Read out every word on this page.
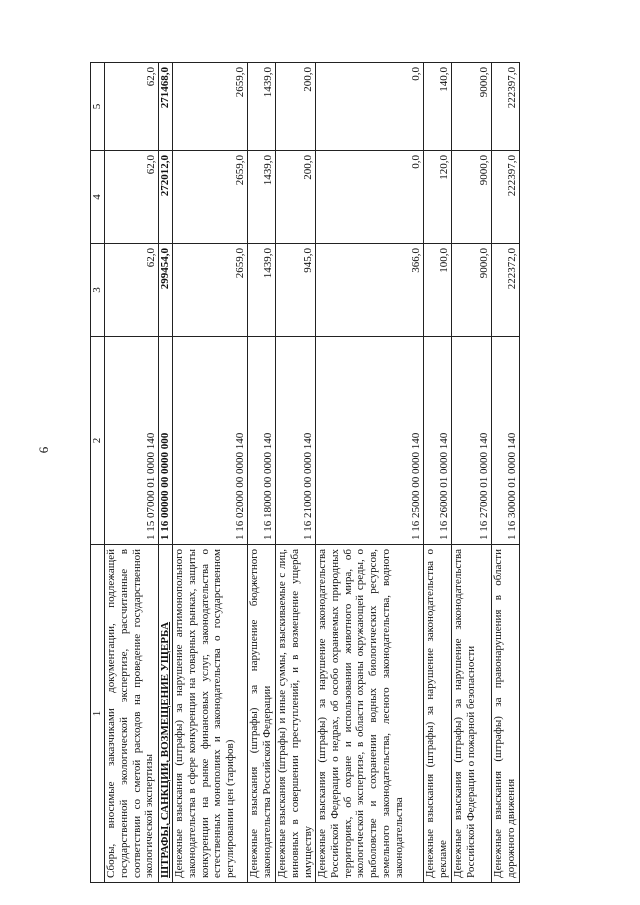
6
1	2	3	4	5
Сборы, вносимые заказчиками документации, подлежащей государственной экологической экспертизе, рассчитанные в соответствии со сметой расходов на проведение государственной экологической экспертизы	1 15 07000 01 0000 140	62,0	62,0	62,0
ШТРАФЫ, САНКЦИИ, ВОЗМЕЩЕНИЕ УЩЕРБА	1 16 00000 00 0000 000	299454,0	272012,0	271468,0
Денежные взыскания (штрафы) за нарушение антимонопольного законодательства в сфере конкуренции на товарных рынках, защиты конкуренции на рынке финансовых услуг, законодательства о естественных монополиях и законодательства о государственном регулировании цен (тарифов)	1 16 02000 00 0000 140	2659,0	2659,0	2659,0
Денежные взыскания (штрафы) за нарушение бюджетного законодательства Российской Федерации	1 16 18000 00 0000 140	1439,0	1439,0	1439,0
Денежные взыскания (штрафы) и иные суммы, взыскиваемые с лиц, виновных в совершении преступлений, и в возмещение ущерба имуществу	1 16 21000 00 0000 140	945,0	200,0	200,0
Денежные взыскания (штрафы) за нарушение законодательства Российской Федерации о недрах, об особо охраняемых природных территориях, об охране и использовании животного мира, об экологической экспертизе, в области охраны окружающей среды, о рыболовстве и сохранении водных биологических ресурсов, земельного законодательства, лесного законодательства, водного законодательства	1 16 25000 00 0000 140	366,0	0,0	0,0
Денежные взыскания (штрафы) за нарушение законодательства о рекламе	1 16 26000 01 0000 140	100,0	120,0	140,0
Денежные взыскания (штрафы) за нарушение законодательства Российской Федерации о пожарной безопасности	1 16 27000 01 0000 140	9000,0	9000,0	9000,0
Денежные взыскания (штрафы) за правонарушения в области дорожного движения	1 16 30000 01 0000 140	222372,0	222397,0	222397,0
